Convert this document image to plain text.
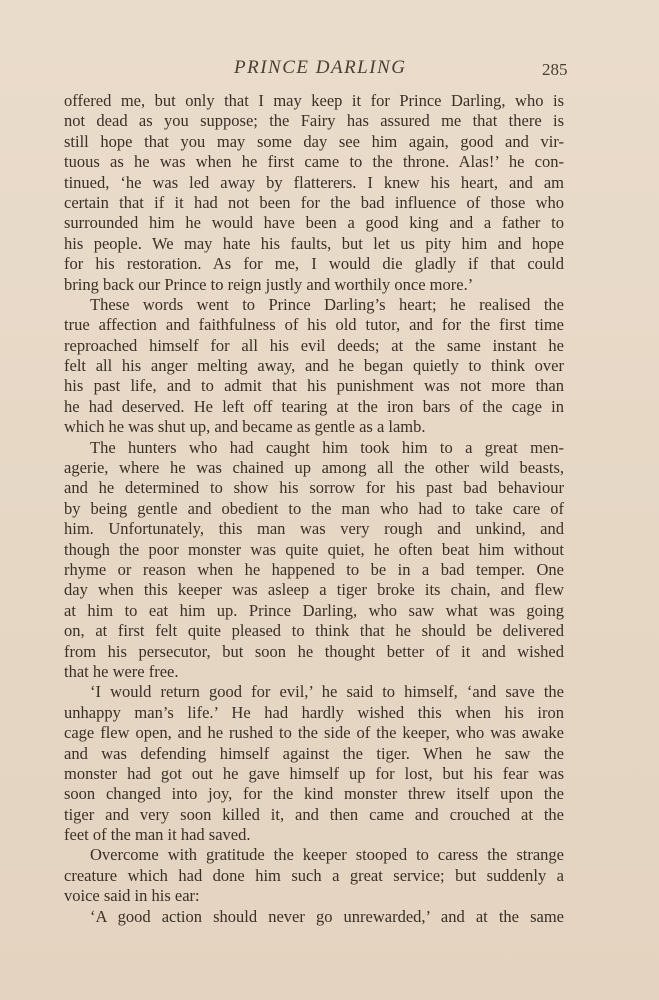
PRINCE DARLING	285
offered me, but only that I may keep it for Prince Darling, who is
not dead as you suppose; the Fairy has assured me that there is
still hope that you may some day see him again, good and vir-
tuous as he was when he first came to the throne. Alas!’ he con-
tinued, ‘he was led away by flatterers. I knew his heart, and am
certain that if it had not been for the bad influence of those who
surrounded him he would have been a good king and a father to
his people. We may hate his faults, but let us pity him and hope
for his restoration. As for me, I would die gladly if that could
bring back our Prince to reign justly and worthily once more.’
These words went to Prince Darling’s heart; he realised the
true affection and faithfulness of his old tutor, and for the first time
reproached himself for all his evil deeds; at the same instant he
felt all his anger melting away, and he began quietly to think over
his past life, and to admit that his punishment was not more than
he had deserved. He left off tearing at the iron bars of the cage in
which he was shut up, and became as gentle as a lamb.
The hunters who had caught him took him to a great men-
agerie, where he was chained up among all the other wild beasts,
and he determined to show his sorrow for his past bad behaviour
by being gentle and obedient to the man who had to take care of
him. Unfortunately, this man was very rough and unkind, and
though the poor monster was quite quiet, he often beat him without
rhyme or reason when he happened to be in a bad temper. One
day when this keeper was asleep a tiger broke its chain, and flew
at him to eat him up. Prince Darling, who saw what was going
on, at first felt quite pleased to think that he should be delivered
from his persecutor, but soon he thought better of it and wished
that he were free.
‘I would return good for evil,’ he said to himself, ‘and save the
unhappy man’s life.’ He had hardly wished this when his iron
cage flew open, and he rushed to the side of the keeper, who was awake
and was defending himself against the tiger. When he saw the
monster had got out he gave himself up for lost, but his fear was
soon changed into joy, for the kind monster threw itself upon the
tiger and very soon killed it, and then came and crouched at the
feet of the man it had saved.
Overcome with gratitude the keeper stooped to caress the strange
creature which had done him such a great service; but suddenly a
voice said in his ear:
‘A good action should never go unrewarded,’ and at the same
